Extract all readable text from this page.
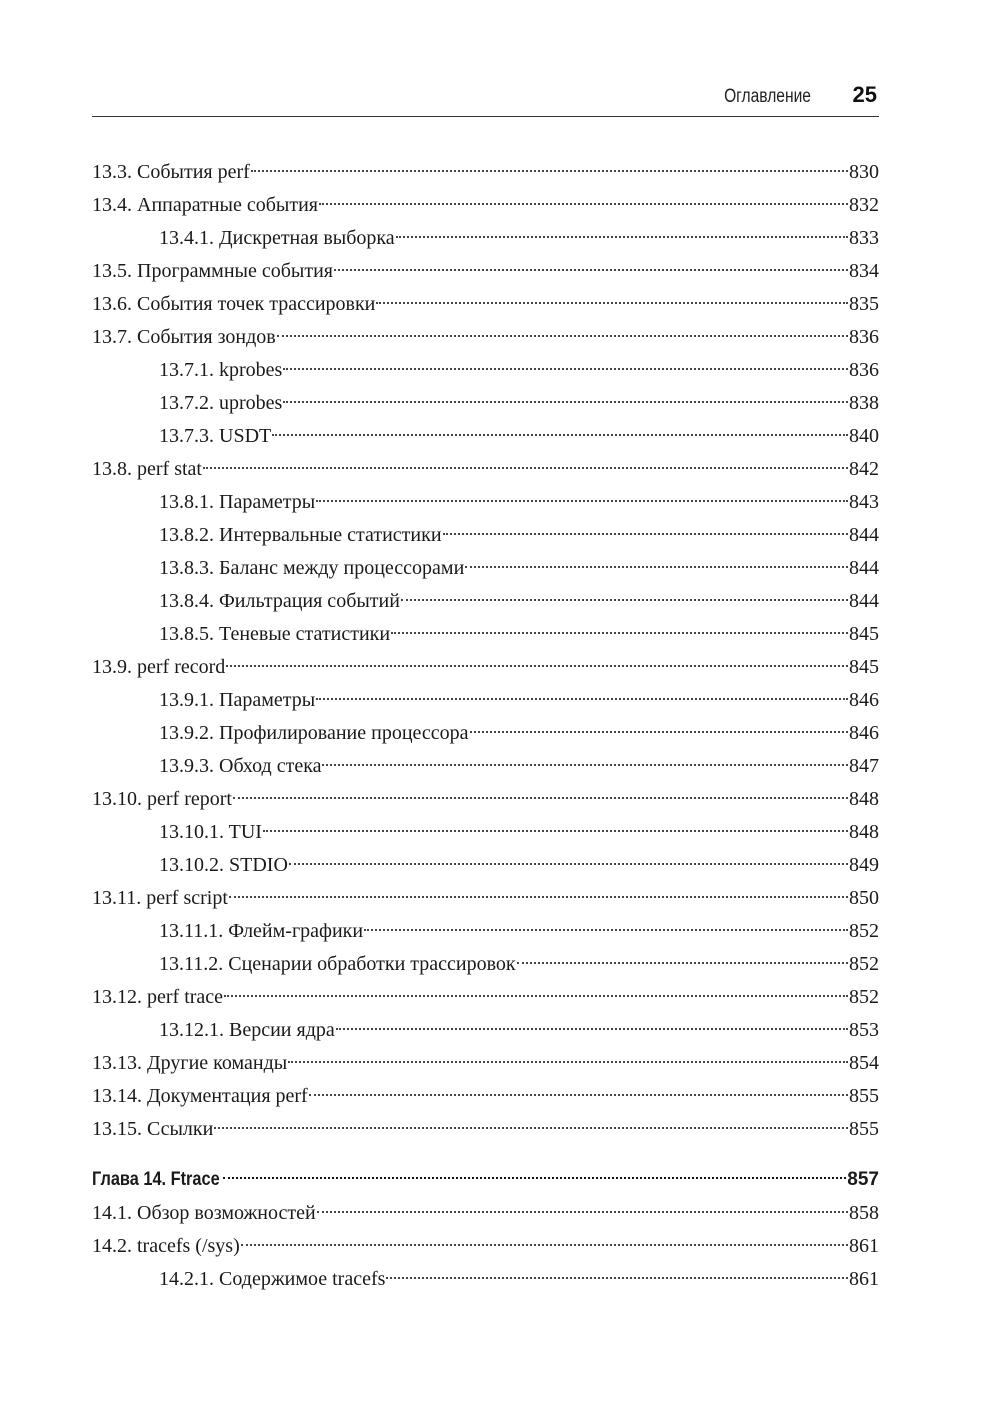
Оглавление 25
13.3. События perf	830
13.4. Аппаратные события	832
13.4.1. Дискретная выборка	833
13.5. Программные события	834
13.6. События точек трассировки	835
13.7. События зондов	836
13.7.1. kprobes	836
13.7.2. uprobes	838
13.7.3. USDT	840
13.8. perf stat	842
13.8.1. Параметры	843
13.8.2. Интервальные статистики	844
13.8.3. Баланс между процессорами	844
13.8.4. Фильтрация событий	844
13.8.5. Теневые статистики	845
13.9. perf record	845
13.9.1. Параметры	846
13.9.2. Профилирование процессора	846
13.9.3. Обход стека	847
13.10. perf report	848
13.10.1. TUI	848
13.10.2. STDIO	849
13.11. perf script	850
13.11.1. Флейм-графики	852
13.11.2. Сценарии обработки трассировок	852
13.12. perf trace	852
13.12.1. Версии ядра	853
13.13. Другие команды	854
13.14. Документация perf	855
13.15. Ссылки	855
Глава 14. Ftrace	857
14.1. Обзор возможностей	858
14.2. tracefs (/sys)	861
14.2.1. Содержимое tracefs	861
